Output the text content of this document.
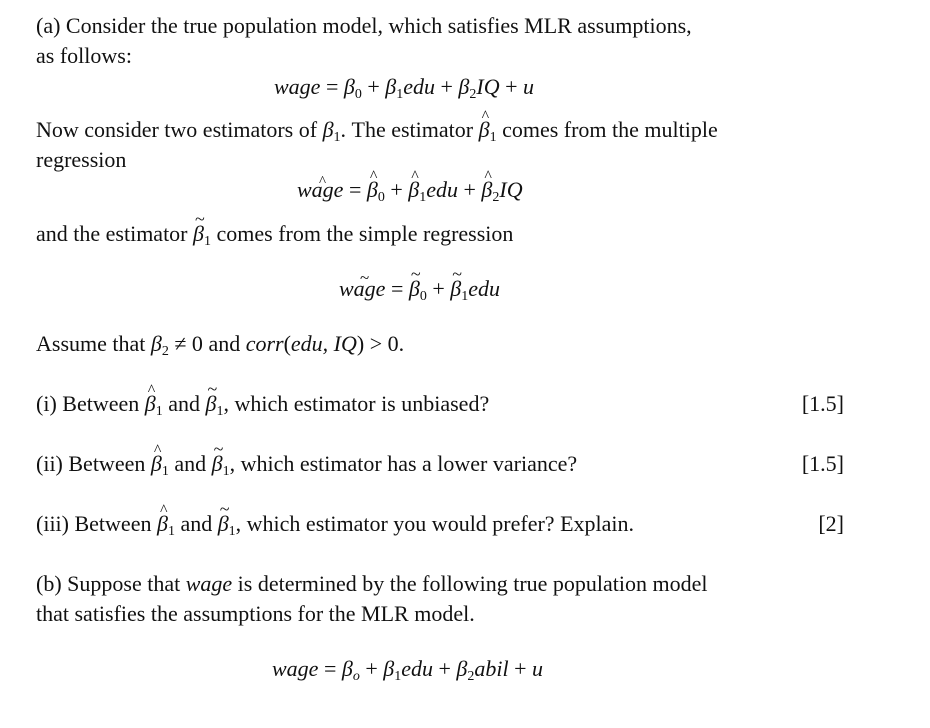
(a) Consider the true population model, which satisfies MLR assumptions,
as follows:
wage = $\beta_0 + \beta_1edu + \beta_2IQ + u$
Now consider two estimators of $\beta_1$. The estimator ^ $\beta_1$ comes from the multiple
regression
^ wage = ^ $\beta_0$ + ^ $\beta_1edu$ + ^ $\beta_2IQ$
and the estimator ~ $\beta_1$ comes from the simple regression
~ wage = ~ $\beta_0$ + ~ $\beta_1edu$
Assume that $\beta_2 \ne 0$ and corr(edu, IQ) > 0.
(i) Between ^ $\beta_1$ and ~ $\beta_1$, which estimator is unbiased?	[1.5]
(ii) Between ^ $\beta_1$ and ~ $\beta_1$, which estimator has a lower variance?	[1.5]
(iii) Between ^ $\beta_1$ and ~ $\beta_1$, which estimator you would prefer? Explain.	[2]
(b) Suppose that wage is determined by the following true population model
that satisfies the assumptions for the MLR model.
wage = $\beta_o + \beta_1edu$ + $\beta_2abil + u$
